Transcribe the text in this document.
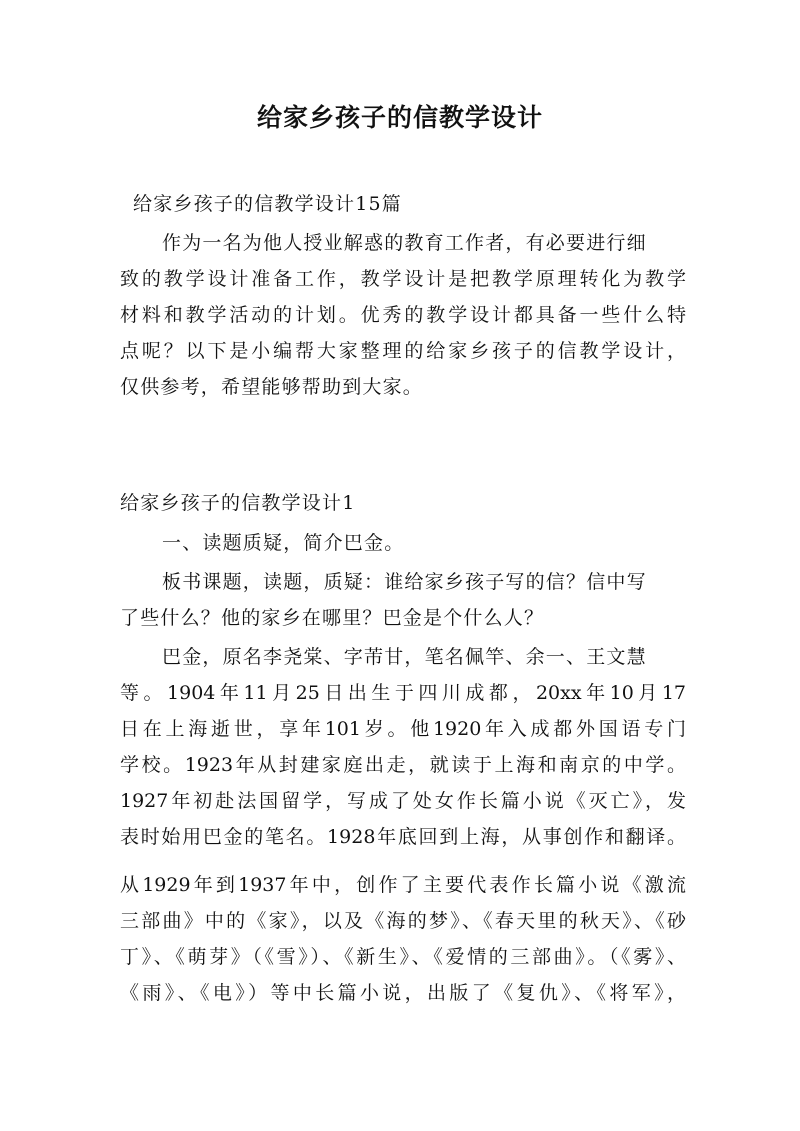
给家乡孩子的信教学设计
给家乡孩子的信教学设计15篇
作为一名为他人授业解惑的教育工作者，有必要进行细
致的教学设计准备工作，教学设计是把教学原理转化为教学
材料和教学活动的计划。优秀的教学设计都具备一些什么特
点呢？以下是小编帮大家整理的给家乡孩子的信教学设计，
仅供参考，希望能够帮助到大家。
给家乡孩子的信教学设计1
一、读题质疑，简介巴金。
板书课题，读题，质疑：谁给家乡孩子写的信？信中写
了些什么？他的家乡在哪里？巴金是个什么人？
巴金，原名李尧棠、字芾甘，笔名佩竿、余一、王文慧
等。1904年11月25日出生于四川成都，20xx年10月17
日在上海逝世，享年101岁。他1920年入成都外国语专门
学校。1923年从封建家庭出走，就读于上海和南京的中学。
1927年初赴法国留学，写成了处女作长篇小说《灭亡》，发
表时始用巴金的笔名。1928年底回到上海，从事创作和翻译。
从1929年到1937年中，创作了主要代表作长篇小说《激流
三部曲》中的《家》，以及《海的梦》、《春天里的秋天》、《砂
丁》、《萌芽》（《雪》）、《新生》、《爱情的三部曲》。（《雾》、
《雨》、《电》）等中长篇小说，出版了《复仇》、《将军》，
